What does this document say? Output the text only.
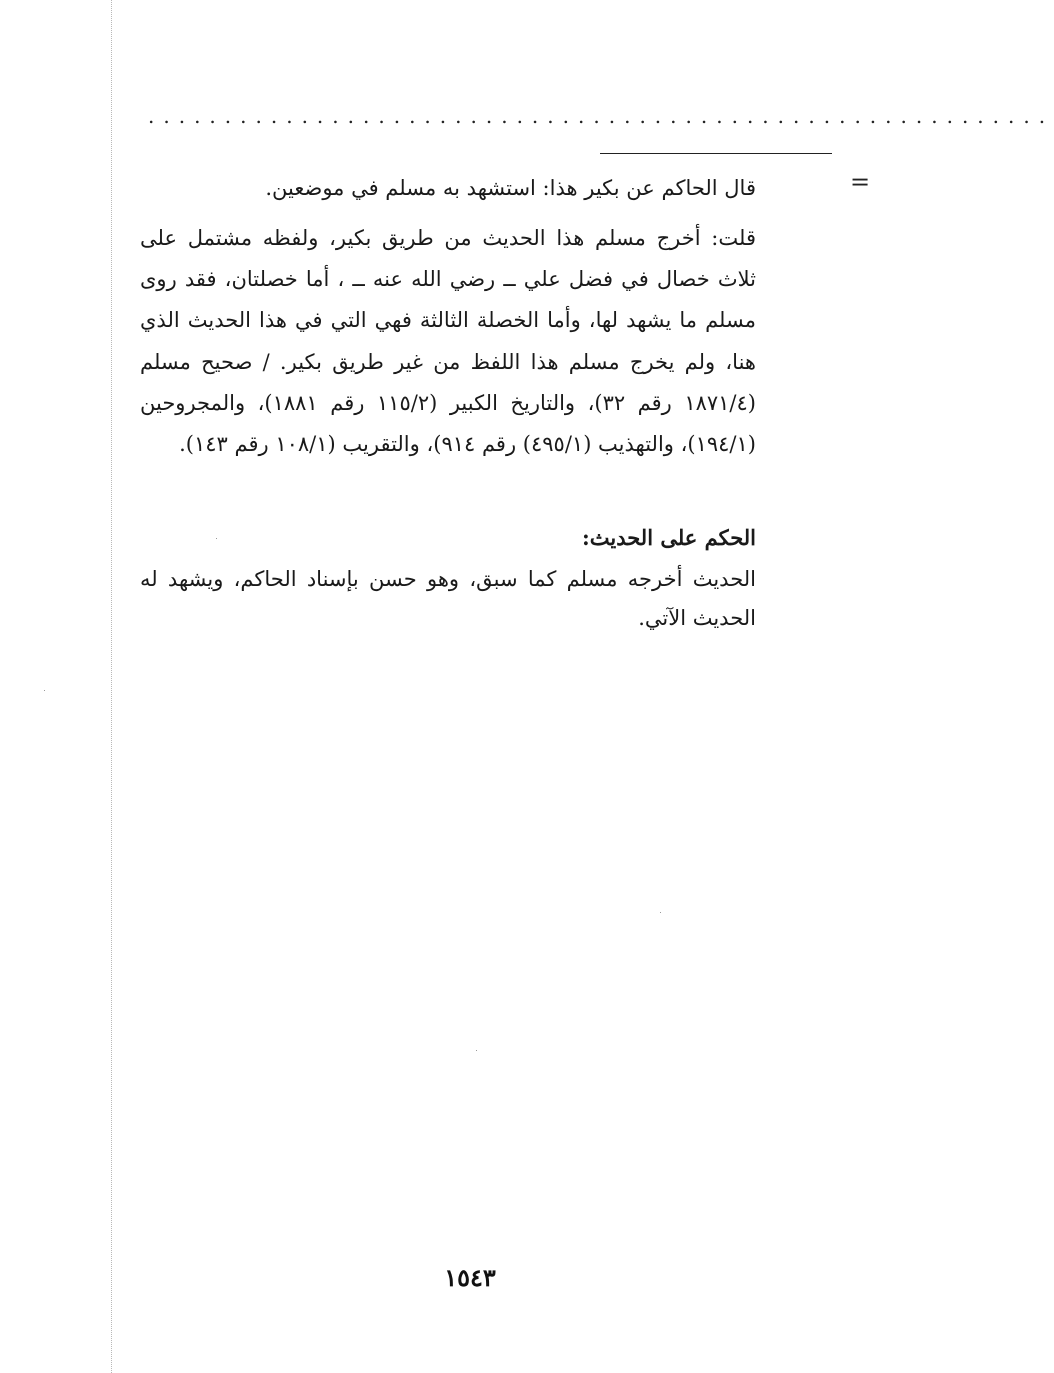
...........................................................
=
قال الحاكم عن بكير هذا: استشهد به مسلم في موضعين.
قلت: أخرج مسلم هذا الحديث من طريق بكير، ولفظه مشتمل على ثلاث خصال في فضل علي ــ رضي الله عنه ــ ، أما خصلتان، فقد روى مسلم ما يشهد لها، وأما الخصلة الثالثة فهي التي في هذا الحديث الذي هنا، ولم يخرج مسلم هذا اللفظ من غير طريق بكير. / صحيح مسلم (١٨٧١/٤ رقم ٣٢)، والتاريخ الكبير (١١٥/٢ رقم ١٨٨١)، والمجروحين (١٩٤/١)، والتهذيب (٤٩٥/١) رقم ٩١٤)، والتقريب (١٠٨/١ رقم ١٤٣).
الحكم على الحديث:
الحديث أخرجه مسلم كما سبق، وهو حسن بإسناد الحاكم، ويشهد له الحديث الآتي.
١٥٤٣
